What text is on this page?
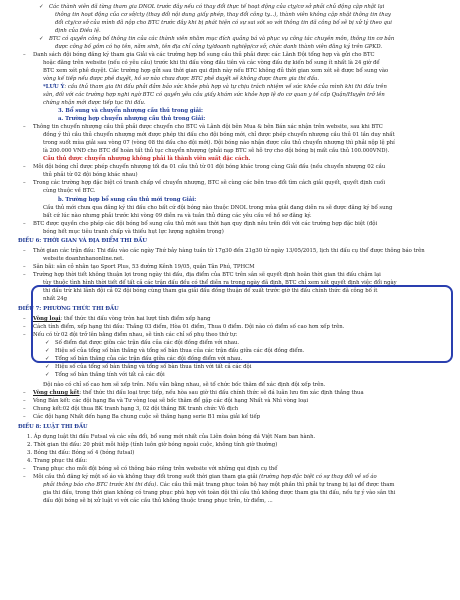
✓ Các thành viên đã từng tham gia DNOL trước đây nếu có thay đổi thực tế hoạt động của cty/cơ sở phải chủ động cập nhật lại
thông tin hoạt động của cơ sở/cty (thay đổi nội dung giấy phép, thay đổi công ty...), thành viên không cập nhật thông tin thay
đổi cty/cơ sở của mình đã nộp cho BTC trước đây khi bị phát hiện có sự sai sót so với thông tin đã công bố sẽ bị xử lý theo qui
định của Điều lệ.
✓ BTC có quyền công bố thông tin của các thành viên nhằm mục đích quảng bá và phục vụ công tác chuyên môn, thông tin cơ bản
được công bố gồm có họ tên, năm sinh, tên địa chỉ công ty/doanh nghiệp/cơ sở, chức danh thành viên đăng ký trên GPKD.
– Danh sách đội bóng đăng ký tham gia Giải và các trường hợp bổ sung cầu thủ phải được các Lãnh Đội tổng hợp và gửi cho BTC
hoặc đăng trên website (nếu có yêu cầu) trước khi thi đấu vòng đầu tiên và các vòng đấu dự kiến bổ sung ít nhất là 24 giờ để
BTC xem xét phê duyệt. Các trường hợp gửi sau thời gian qui định này nếu BTC không đủ thời gian xem xét sẽ được bổ sung vào
vòng kế tiếp nếu được phê duyệt, hồ sơ nào chưa được BTC phê duyệt sẽ không được tham gia thi đấu.
*LƯU Ý: cầu thủ tham gia thi đấu phải đảm bảo sức khỏe phù hợp và tự chịu trách nhiệm về sức khỏe của mình khi thi đấu trên
sân, đối với các trường hợp nghi ngờ BTC có quyền yêu cầu giấy khám sức khỏe hợp lệ do cơ quan y tế cấp Quận/Huyện trở lên
chứng nhận mới được tiếp tục thi đấu.
3. Bổ sung và chuyển nhượng cầu thủ trong giải:
a. Trường hợp chuyển nhượng cầu thủ trong Giải:
– Thông tin chuyển nhượng cầu thủ phải được chuyển cho BTC và Lãnh đội bên Mua & bên Bán xác nhận trên website, sau khi BTC
đồng ý thì cầu thủ chuyển nhượng mới được phép thi đấu cho đội bóng mới, chỉ được phép chuyển nhượng cầu thủ 01 lần duy nhất
trong suốt mùa giải sau vòng 07 (vòng 08 thi đấu cho đội mới). Đội bóng nào nhận được cầu thủ chuyển nhượng thì phải nộp lệ phí
là 200.000 VNĐ cho BTC để hoàn tất thủ tục chuyển nhượng (phải nạp BTC sẽ hỗ trợ cho đội bóng bị mất cầu thủ 100.000VND).
Cầu thủ được chuyển nhượng không phải là thành viên suất đặc cách.
– Mỗi đội bóng chỉ được phép chuyển nhượng tối đa 01 cầu thủ từ 01 đội bóng khác trong cùng Giải đấu (nếu chuyển nhượng 02 cầu
thủ phải từ 02 đội bóng khác nhau)
– Trong các trường hợp đặc biệt có tranh chấp về chuyển nhượng, BTC sẽ cùng các bên trao đổi tìm cách giải quyết, quyết định cuối
cùng thuộc về BTC.
b. Trường hợp bổ sung cầu thủ mới trong Giải:
Cầu thủ mới chưa qua đăng ký thi đấu cho bất cứ đội bóng nào thuộc DNOL trong mùa giải đang diễn ra sẽ được đăng ký bổ sung
bất cứ lúc nào nhưng phải trước khi vòng 09 diễn ra và tuân thủ đúng các yêu cầu về hồ sơ đăng ký.
– BTC được quyền cho phép các đội bóng bổ sung cầu thủ mới sau thời hạn quy định nêu trên đối với các trường hợp đặc biệt (đội
bóng hết mục tiêu tranh chấp và thiếu hụt lực lượng nghiêm trọng)
ĐIỀU 6: THỜI GIAN VÀ ĐỊA ĐIỂM THI ĐẤU
– Thời gian các trận đấu: Thi đấu vào các ngày Thứ bảy hàng tuần từ 17g30 đến 21g30 từ ngày 13/05/2015, lịch thi đấu cụ thể được thông báo trên
website doanhnhanonline.net.
– Sân bãi: sân cỏ nhân tạo Sport Plus, 53 đường Kênh 19/05, quận Tân Phú, TPHCM
– Trường hợp thời tiết không thuận lợi trong ngày thi đấu, địa điểm của BTC trên sân sẽ quyết định hoãn thời gian thi đấu chậm lại
tùy thuộc tình hình thời tiết để tất cả các trận đấu đều có thể diễn ra trong ngày đã định, BTC chỉ xem xét quyết định việc đổi ngày
thi đấu trừ khi lãnh đội cả 02 đội bóng cùng tham gia giải đấu đồng thuận để xuất trước giờ thi đấu chính thức đã công bố ít
nhất 24g
ĐIỀU 7: PHƯƠNG THỨC THI ĐẤU
– Vòng loại: thể thức thi đấu vòng tròn hai lượt tính điểm xếp hạng
– Cách tính điểm, xếp hạng thi đấu: Thắng 03 điểm, Hòa 01 điểm, Thua 0 điểm. Đội nào có điểm số cao hơn xếp trên.
– Nếu có từ 02 đội trở lên bằng điểm nhau, sẽ tính các chỉ số phụ theo thứ tự:
✓ Số điểm đạt được giữa các trận đấu của các đội đồng điểm với nhau.
✓ Hiệu số của tổng số bàn thắng và tổng số bàn thua của các trận đấu giữa các đội đồng điểm.
✓ Tổng số bàn thắng của các trận đấu giữa các đội đồng điểm với nhau.
✓ Hiệu số của tổng số bàn thắng và tổng số bàn thua tính với tất cả các đội
✓ Tổng số bàn thắng tính với tất cả các đội
Đội nào có chỉ số cao hơn sẽ xếp trên. Nếu vẫn bằng nhau, sẽ tổ chức bốc thăm để xác định đội xếp trên.
– Vòng chung kết: thể thức thi đấu loại trực tiếp, nếu hòa sau giờ thi đấu chính thức sẽ đá luân lưu 6m xác định thắng thua
– Vòng Bán kết: các đội hạng Ba và Tư vòng loại sẽ bốc thăm để gặp các đội hạng Nhất và Nhì vòng loại
– Chung kết:02 đội thua BK tranh hạng 3, 02 đội thắng BK tranh chức Vô địch
– Các đội hạng Nhất đến hạng Ba chung cuộc sẽ thăng hạng serie B1 mùa giải kế tiếp
ĐIỀU 8: LUẬT THI ĐẤU
1. Áp dụng luật thi đấu Futsal và các sửa đổi, bổ sung mới nhất của Liên đoàn bóng đá Việt Nam ban hành.
2. Thời gian thi đấu: 20 phút mỗi hiệp (tính luôn giờ bóng ngoài cuộc, không tính giờ thường)
3. Bóng thi đấu: Bóng số 4 (bóng futsal)
4. Trang phục thi đấu:
– Trang phục cho mỗi đội bóng sẽ có thông báo riêng trên website với những qui định cụ thể
– Mỗi cầu thủ đăng ký một số áo và không thay đổi trong suốt thời gian tham gia giải (trường hợp đặc biệt có sự thay đổi về số áo
phải thông báo cho BTC trước khi thi đấu). Các cầu thủ mặt trang phục toàn bộ hay một phần thì phải tự trang bị lại để được tham
gia thi đấu, trong thời gian không có trang phục phù hợp với toàn đội thì cầu thủ không được tham gia thi đấu, nếu tự ý vào sân thi
đấu đội bóng sẽ bị xử luật vi với các cầu thủ không thuộc trang phục trên, từ điểm, ...
